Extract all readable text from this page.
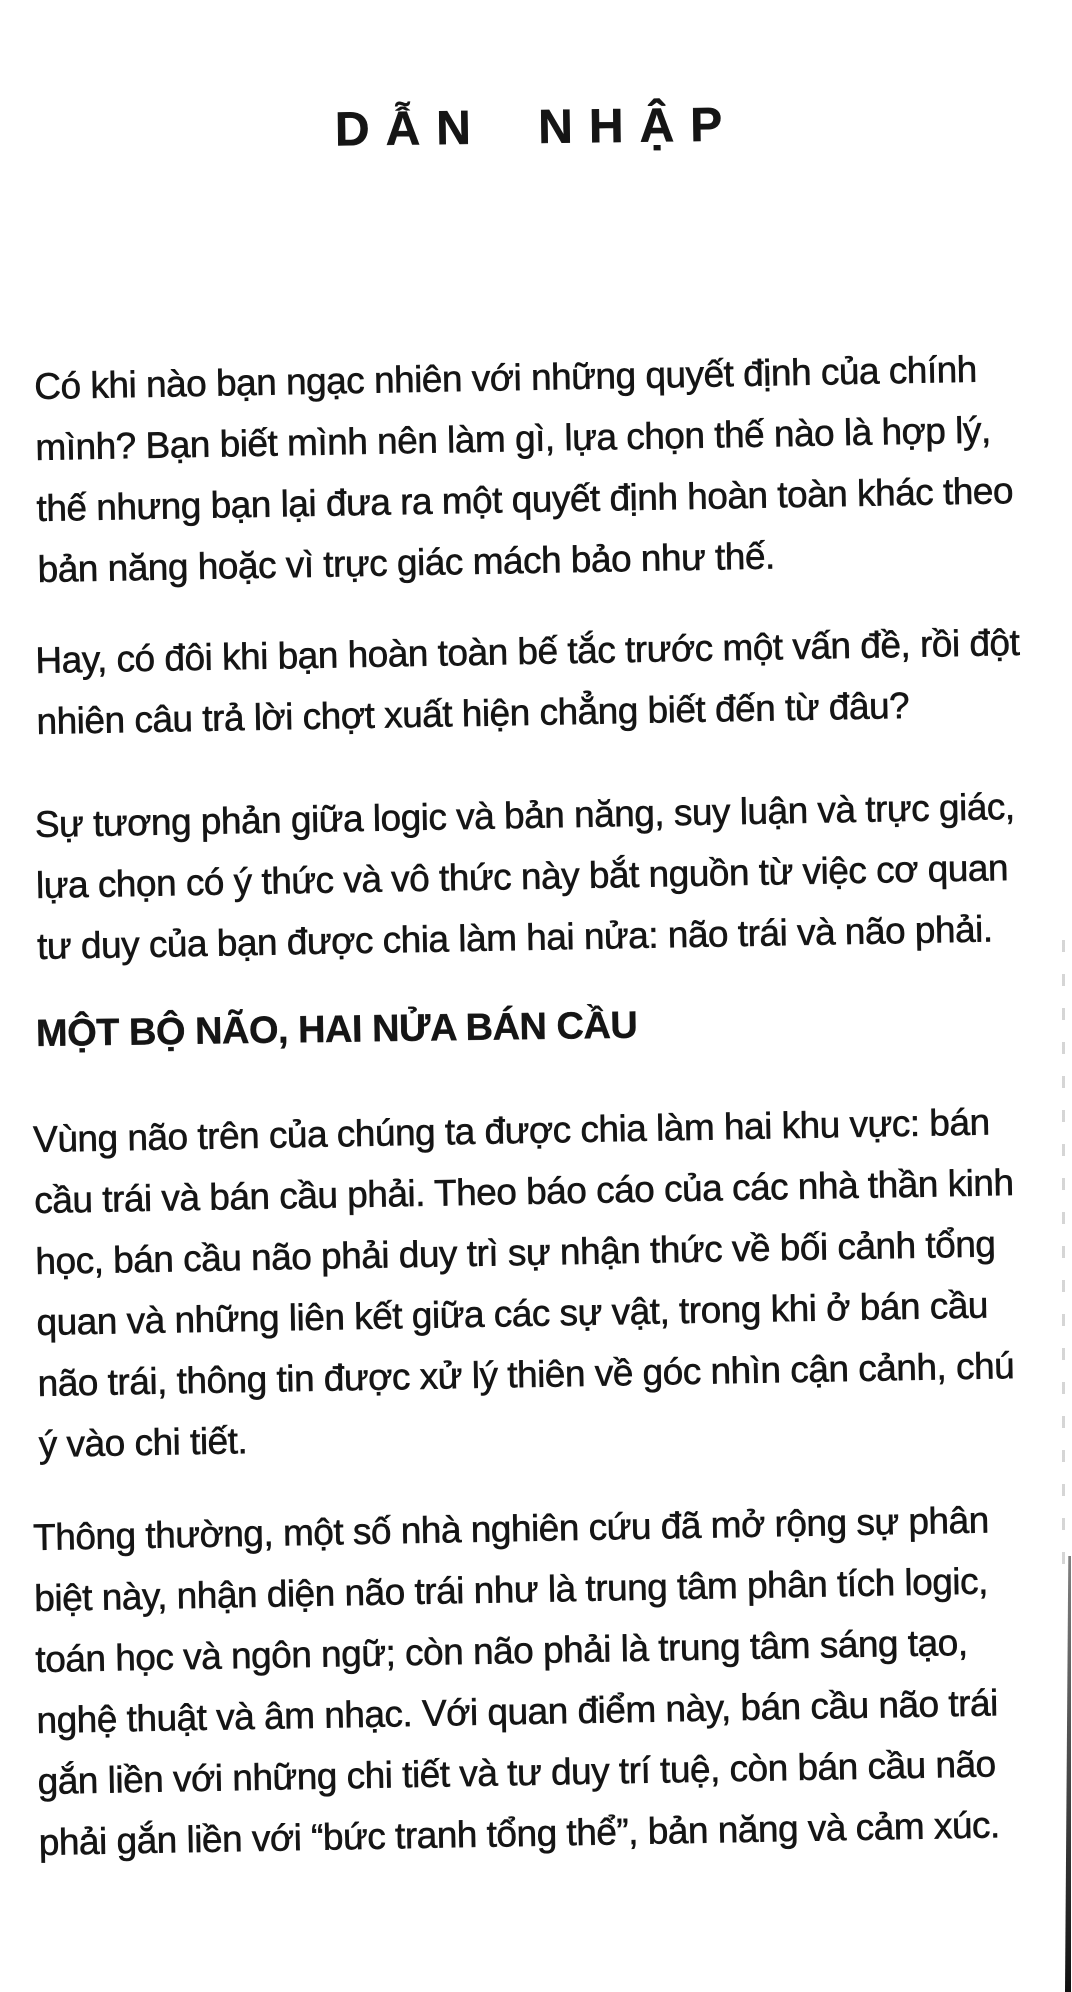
DẪN NHẬP
Có khi nào bạn ngạc nhiên với những quyết định của chính
mình? Bạn biết mình nên làm gì, lựa chọn thế nào là hợp lý,
thế nhưng bạn lại đưa ra một quyết định hoàn toàn khác theo
bản năng hoặc vì trực giác mách bảo như thế.
Hay, có đôi khi bạn hoàn toàn bế tắc trước một vấn đề, rồi đột
nhiên câu trả lời chợt xuất hiện chẳng biết đến từ đâu?
Sự tương phản giữa logic và bản năng, suy luận và trực giác,
lựa chọn có ý thức và vô thức này bắt nguồn từ việc cơ quan
tư duy của bạn được chia làm hai nửa: não trái và não phải.
MỘT BỘ NÃO, HAI NỬA BÁN CẦU
Vùng não trên của chúng ta được chia làm hai khu vực: bán
cầu trái và bán cầu phải. Theo báo cáo của các nhà thần kinh
học, bán cầu não phải duy trì sự nhận thức về bối cảnh tổng
quan và những liên kết giữa các sự vật, trong khi ở bán cầu
não trái, thông tin được xử lý thiên về góc nhìn cận cảnh, chú
ý vào chi tiết.
Thông thường, một số nhà nghiên cứu đã mở rộng sự phân
biệt này, nhận diện não trái như là trung tâm phân tích logic,
toán học và ngôn ngữ; còn não phải là trung tâm sáng tạo,
nghệ thuật và âm nhạc. Với quan điểm này, bán cầu não trái
gắn liền với những chi tiết và tư duy trí tuệ, còn bán cầu não
phải gắn liền với “bức tranh tổng thể”, bản năng và cảm xúc.
